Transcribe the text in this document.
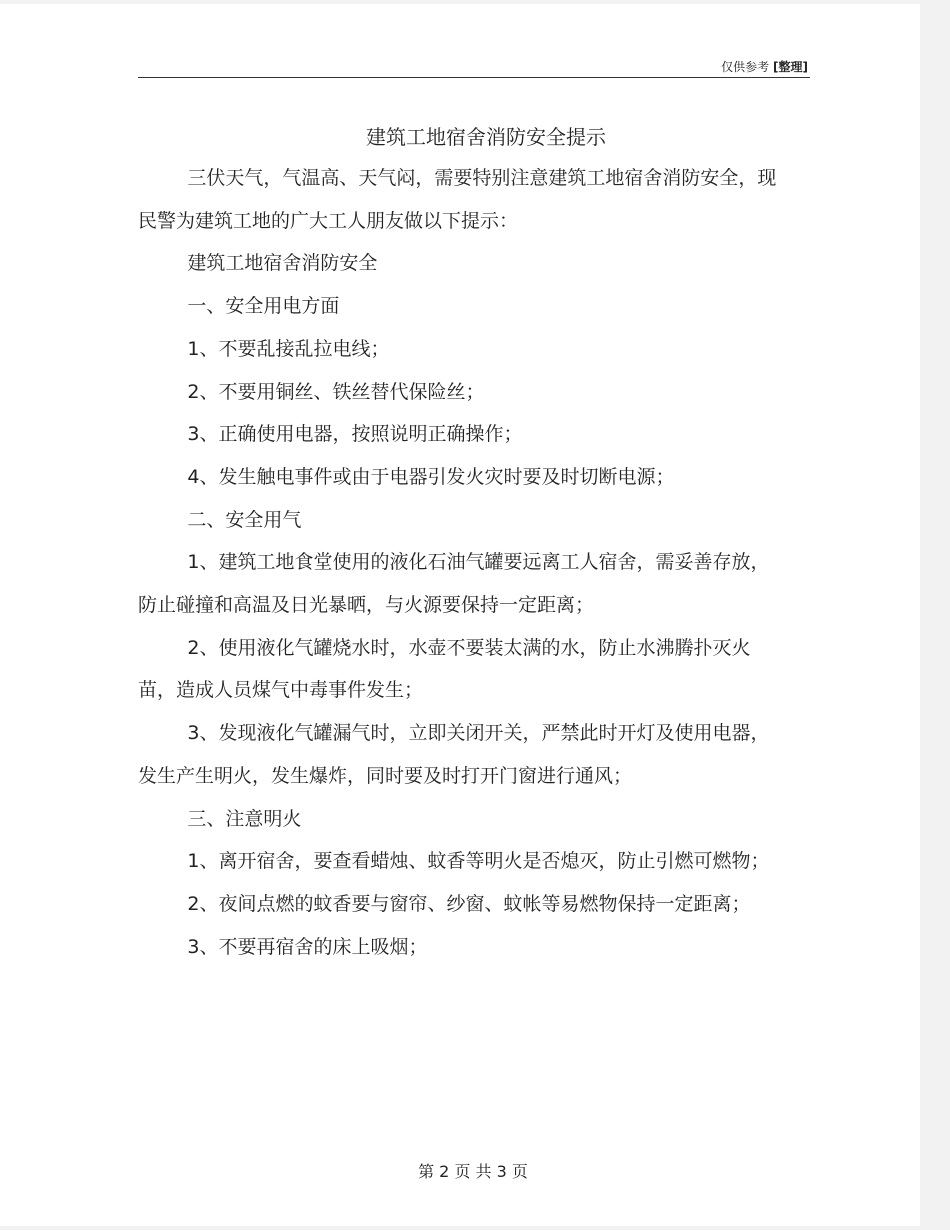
仅供参考 [整理]
建筑工地宿舍消防安全提示

三伏天气，气温高、天气闷，需要特别注意建筑工地宿舍消防安全，现民警为建筑工地的广大工人朋友做以下提示：

建筑工地宿舍消防安全

一、安全用电方面

1、不要乱接乱拉电线；

2、不要用铜丝、铁丝替代保险丝；

3、正确使用电器，按照说明正确操作；

4、发生触电事件或由于电器引发火灾时要及时切断电源；

二、安全用气

1、建筑工地食堂使用的液化石油气罐要远离工人宿舍，需妥善存放，防止碰撞和高温及日光暴晒，与火源要保持一定距离；

2、使用液化气罐烧水时，水壶不要装太满的水，防止水沸腾扑灭火苗，造成人员煤气中毒事件发生；

3、发现液化气罐漏气时，立即关闭开关，严禁此时开灯及使用电器，发生产生明火，发生爆炸，同时要及时打开门窗进行通风；

三、注意明火

1、离开宿舍，要查看蜡烛、蚊香等明火是否熄灭，防止引燃可燃物；

2、夜间点燃的蚊香要与窗帘、纱窗、蚊帐等易燃物保持一定距离；

3、不要再宿舍的床上吸烟；

第 2 页 共 3 页
